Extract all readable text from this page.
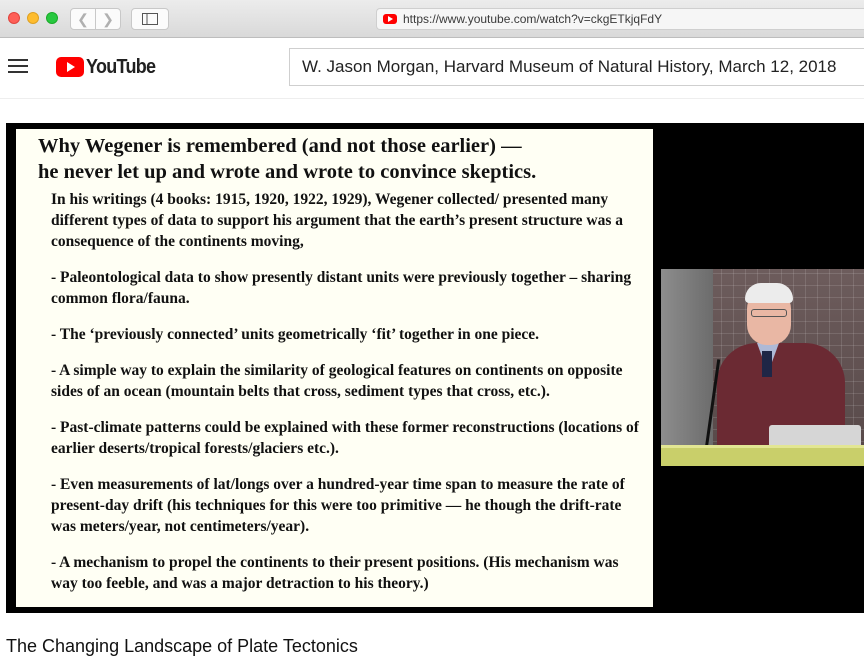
❮ ❯	https://www.youtube.com/watch?v=ckgETkjqFdY
YouTube	W. Jason Morgan, Harvard Museum of Natural History, March 12, 2018
Why Wegener is remembered (and not those earlier) —
he never let up and wrote and wrote to convince skeptics.

In his writings (4 books: 1915, 1920, 1922, 1929), Wegener collected/ presented many different types of data to support his argument that the earth’s present structure was a consequence of the continents moving,

- Paleontological data to show presently distant units were previously together – sharing common flora/fauna.

- The ‘previously connected’ units geometrically ‘fit’ together in one piece.

- A simple way to explain the similarity of geological features on continents on opposite sides of an ocean (mountain belts that cross, sediment types that cross, etc.).

- Past-climate patterns could be explained with these former reconstructions (locations of earlier deserts/tropical forests/glaciers etc.).

- Even measurements of lat/longs over a hundred-year time span to measure the rate of present-day drift (his techniques for this were too primitive — he though the drift-rate was meters/year, not centimeters/year).

- A mechanism to propel the continents to their present positions. (His mechanism was way too feeble, and was a major detraction to his theory.)

The Changing Landscape of Plate Tectonics
